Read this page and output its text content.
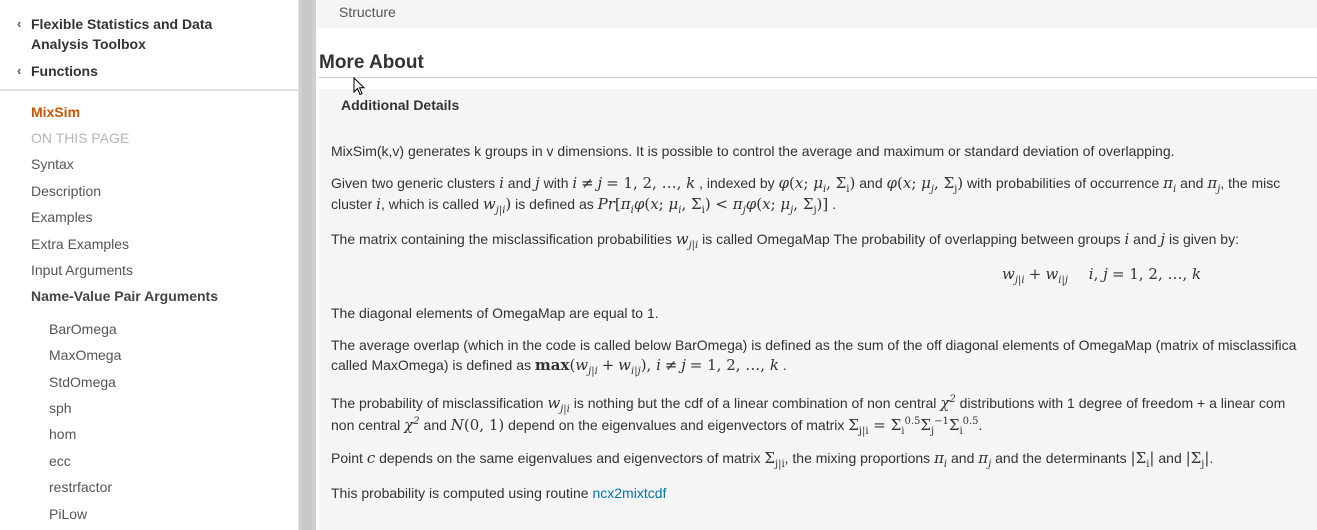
‹ Flexible Statistics and Data Analysis Toolbox
‹ Functions
MixSim
ON THIS PAGE
Syntax
Description
Examples
Extra Examples
Input Arguments
Name-Value Pair Arguments
BarOmega
MaxOmega
StdOmega
sph
hom
ecc
restrfactor
PiLow
Structure
More About
Additional Details
MixSim(k,v) generates k groups in v dimensions. It is possible to control the average and maximum or standard deviation of overlapping.
Given two generic clusters i and j with i ≠ j = 1, 2, …, k , indexed by φ(x; $\mu_i$, $\Sigma_i$) and φ(x; $\mu_j$, $\Sigma_j$) with probabilities of occurrence $\pi_i$ and $\pi_j$, the misc
cluster i, which is called $w_{j|i}$) is defined as $Pr[\pi_i\varphi(x$; $\mu_i$, $\Sigma_i) < \pi_j\varphi(x$; $\mu_j$, $\Sigma_j$)] .
The matrix containing the misclassification probabilities $w_{j|i}$ is called OmegaMap The probability of overlapping between groups i and j is given by:
$w_{j|i} + w_{i|j}$ i, j = 1, 2, …, k
The diagonal elements of OmegaMap are equal to 1.
The average overlap (which in the code is called below BarOmega) is defined as the sum of the off diagonal elements of OmegaMap (matrix of misclassifica
called MaxOmega) is defined as $\max(w_{j|i} + w_{i|j})$, i ≠ j = 1, 2, …, k .
The probability of misclassification $w_{j|i}$ is nothing but the cdf of a linear combination of non central $\chi^2$ distributions with 1 degree of freedom + a linear com
non central $\chi^2$ and N(0, 1) depend on the eigenvalues and eigenvectors of matrix $\Sigma_{j|i} = \Sigma_i^{0.5}\Sigma_j^{-1}\Sigma_i^{0.5}$.
Point c depends on the same eigenvalues and eigenvectors of matrix $\Sigma_{j|i}$, the mixing proportions $\pi_i$ and $\pi_j$ and the determinants $|\Sigma_i|$ and $|\Sigma_j|$.
This probability is computed using routine ncx2mixtcdf
